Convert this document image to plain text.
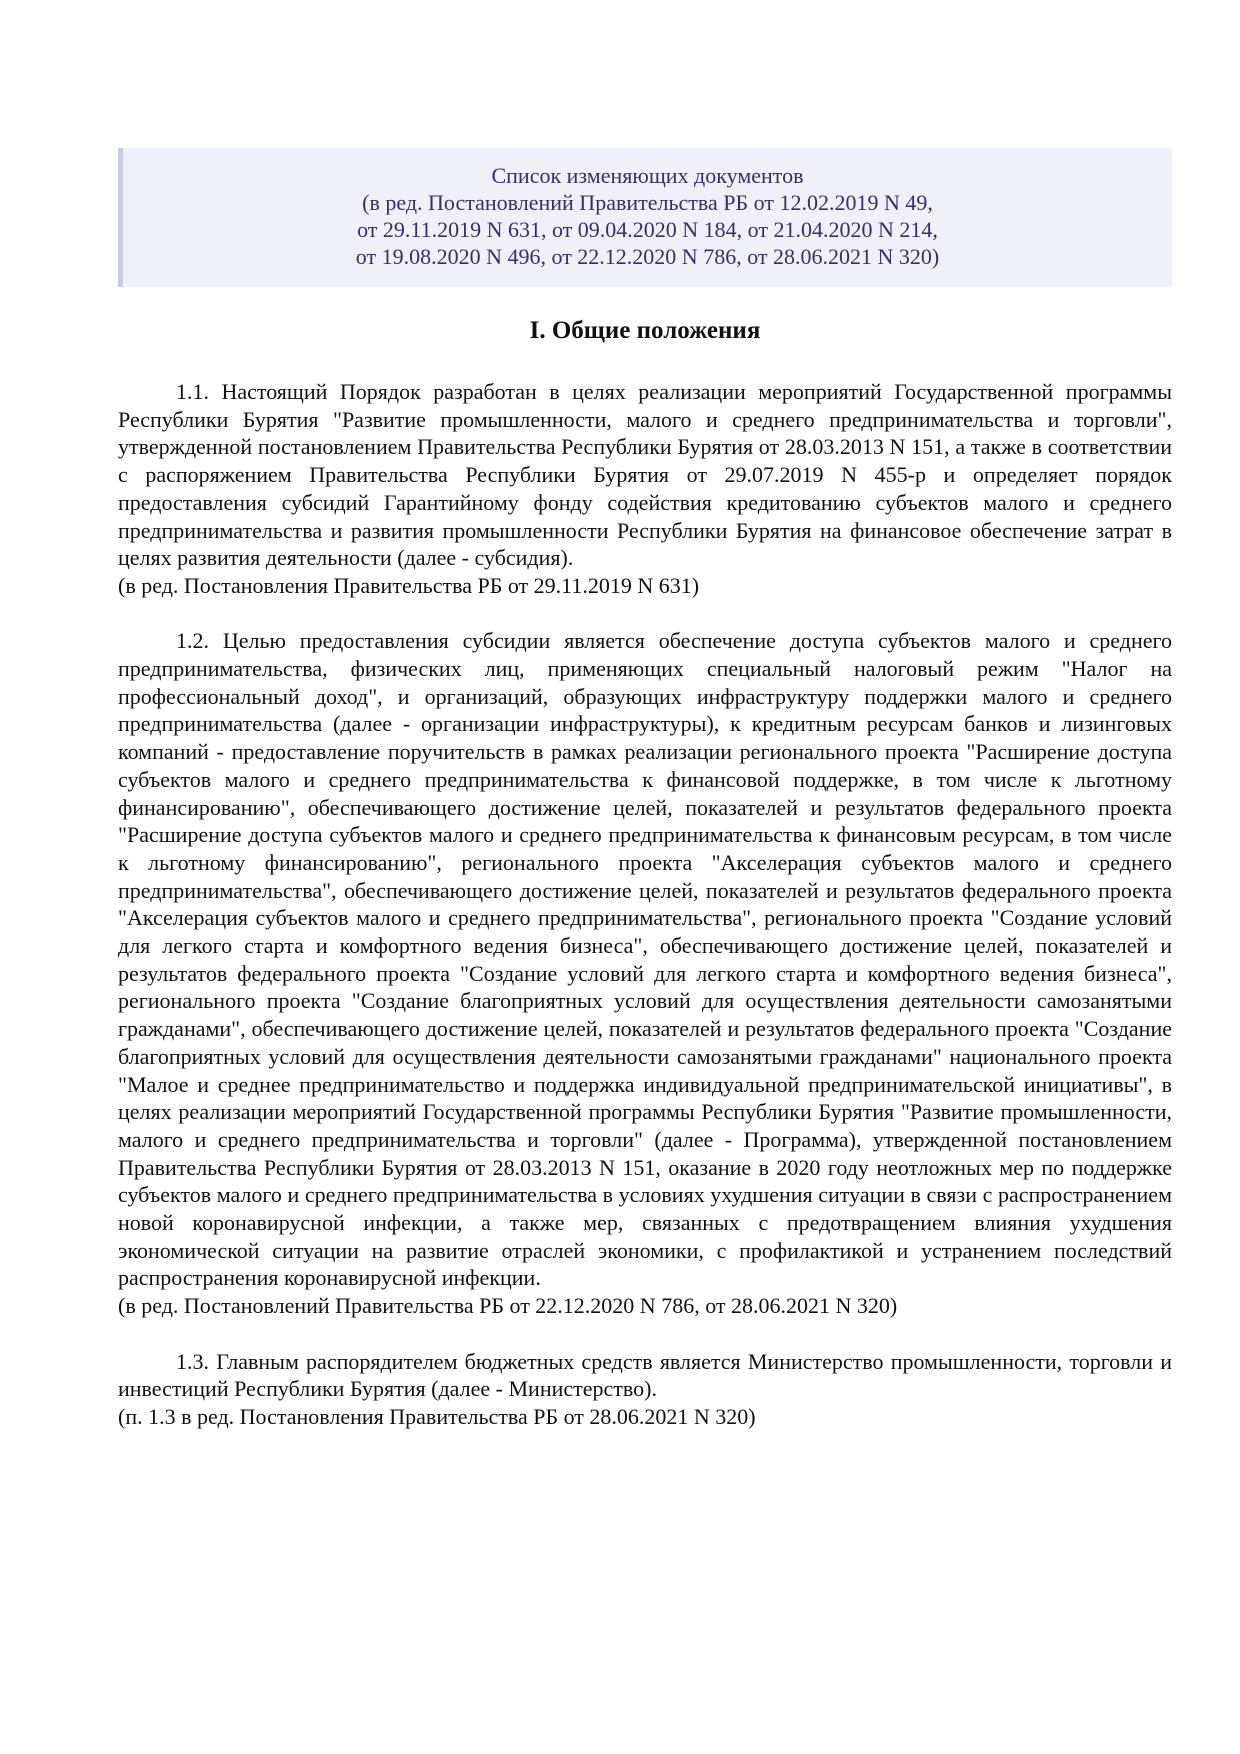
Список изменяющих документов
(в ред. Постановлений Правительства РБ от 12.02.2019 N 49,
от 29.11.2019 N 631, от 09.04.2020 N 184, от 21.04.2020 N 214,
от 19.08.2020 N 496, от 22.12.2020 N 786, от 28.06.2021 N 320)
I. Общие положения

1.1. Настоящий Порядок разработан в целях реализации мероприятий Государственной программы Республики Бурятия "Развитие промышленности, малого и среднего предпринимательства и торговли", утвержденной постановлением Правительства Республики Бурятия от 28.03.2013 N 151, а также в соответствии с распоряжением Правительства Республики Бурятия от 29.07.2019 N 455-р и определяет порядок предоставления субсидий Гарантийному фонду содействия кредитованию субъектов малого и среднего предпринимательства и развития промышленности Республики Бурятия на финансовое обеспечение затрат в целях развития деятельности (далее - субсидия).

(в ред. Постановления Правительства РБ от 29.11.2019 N 631)

1.2. Целью предоставления субсидии является обеспечение доступа субъектов малого и среднего предпринимательства, физических лиц, применяющих специальный налоговый режим "Налог на профессиональный доход", и организаций, образующих инфраструктуру поддержки малого и среднего предпринимательства (далее - организации инфраструктуры), к кредитным ресурсам банков и лизинговых компаний - предоставление поручительств в рамках реализации регионального проекта "Расширение доступа субъектов малого и среднего предпринимательства к финансовой поддержке, в том числе к льготному финансированию", обеспечивающего достижение целей, показателей и результатов федерального проекта "Расширение доступа субъектов малого и среднего предпринимательства к финансовым ресурсам, в том числе к льготному финансированию", регионального проекта "Акселерация субъектов малого и среднего предпринимательства", обеспечивающего достижение целей, показателей и результатов федерального проекта "Акселерация субъектов малого и среднего предпринимательства", регионального проекта "Создание условий для легкого старта и комфортного ведения бизнеса", обеспечивающего достижение целей, показателей и результатов федерального проекта "Создание условий для легкого старта и комфортного ведения бизнеса", регионального проекта "Создание благоприятных условий для осуществления деятельности самозанятыми гражданами", обеспечивающего достижение целей, показателей и результатов федерального проекта "Создание благоприятных условий для осуществления деятельности самозанятыми гражданами" национального проекта "Малое и среднее предпринимательство и поддержка индивидуальной предпринимательской инициативы", в целях реализации мероприятий Государственной программы Республики Бурятия "Развитие промышленности, малого и среднего предпринимательства и торговли" (далее - Программа), утвержденной постановлением Правительства Республики Бурятия от 28.03.2013 N 151, оказание в 2020 году неотложных мер по поддержке субъектов малого и среднего предпринимательства в условиях ухудшения ситуации в связи с распространением новой коронавирусной инфекции, а также мер, связанных с предотвращением влияния ухудшения экономической ситуации на развитие отраслей экономики, с профилактикой и устранением последствий распространения коронавирусной инфекции.

(в ред. Постановлений Правительства РБ от 22.12.2020 N 786, от 28.06.2021 N 320)

1.3. Главным распорядителем бюджетных средств является Министерство промышленности, торговли и инвестиций Республики Бурятия (далее - Министерство).

(п. 1.3 в ред. Постановления Правительства РБ от 28.06.2021 N 320)
